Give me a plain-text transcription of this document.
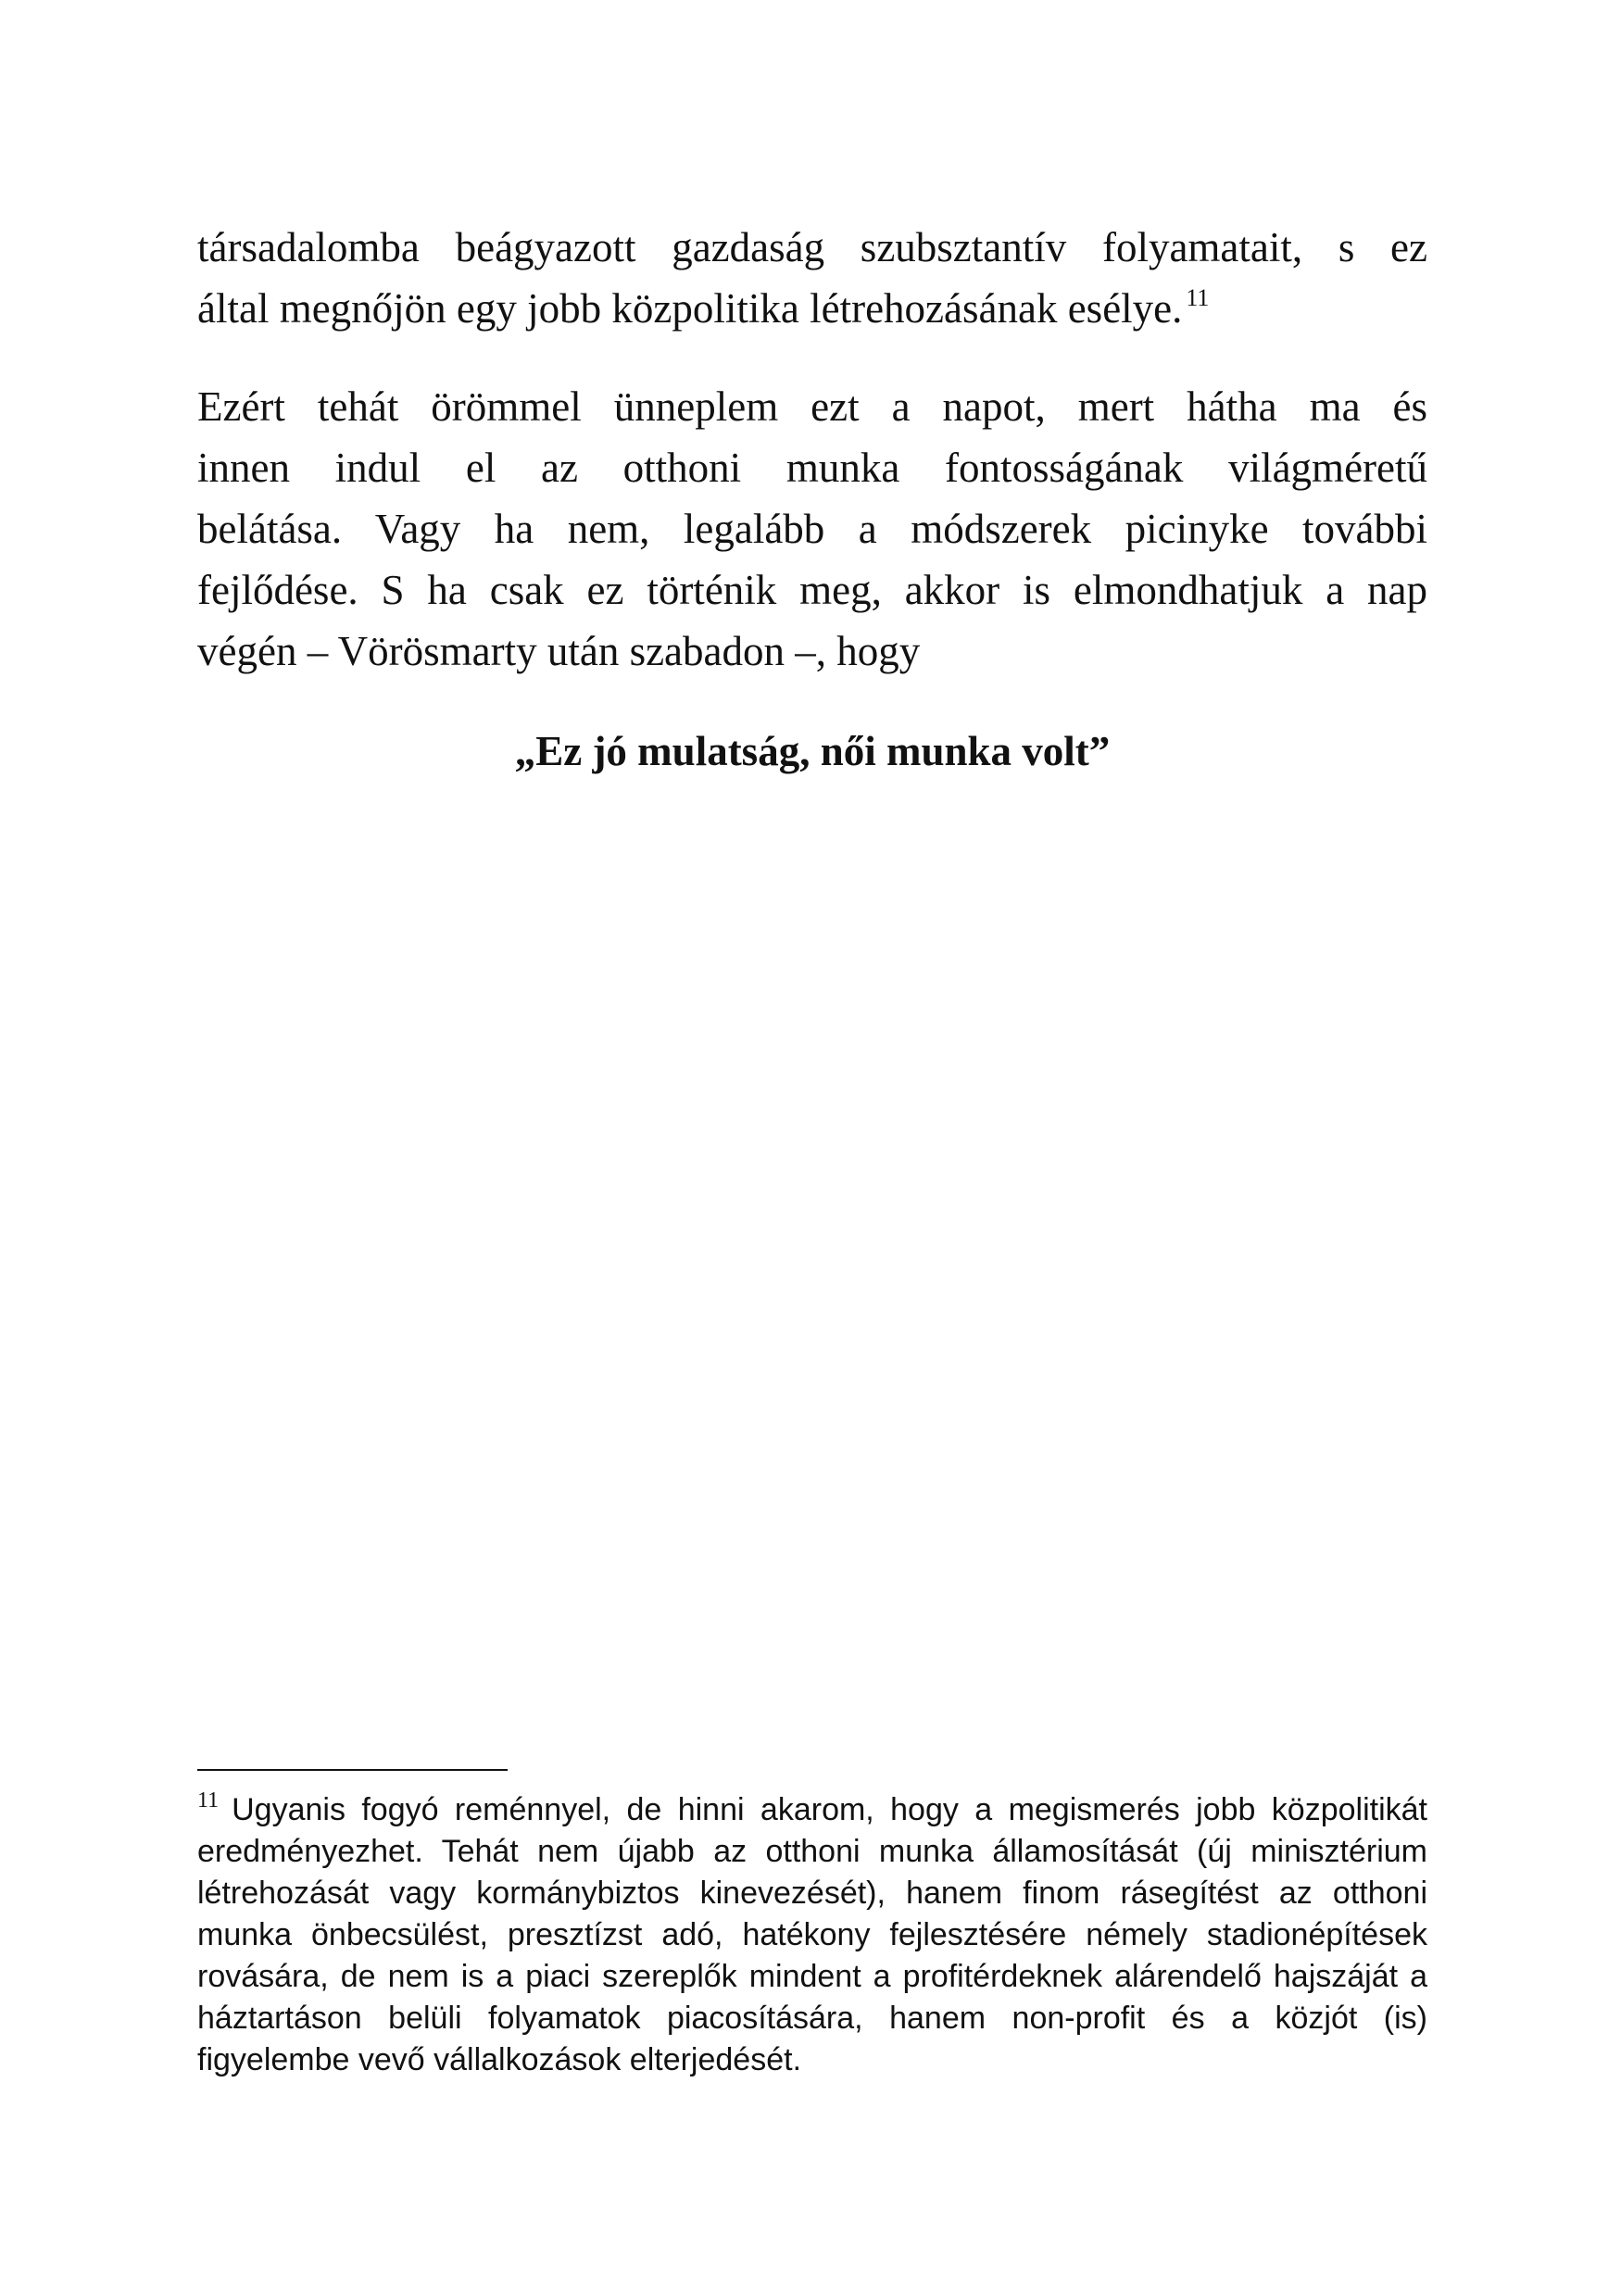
társadalomba beágyazott gazdaság szubsztantív folyamatait, s ez
által megnőjön egy jobb közpolitika létrehozásának esélye. $^{11}$
Ezért tehát örömmel ünneplem ezt a napot, mert hátha ma és
innen indul el az otthoni munka fontosságának világméretű
belátása. Vagy ha nem, legalább a módszerek picinyke további
fejlődése. S ha csak ez történik meg, akkor is elmondhatjuk a nap
végén – Vörösmarty után szabadon –, hogy

„Ez jó mulatság, női munka volt”

$^{11}$ Ugyanis fogyó reménnyel, de hinni akarom, hogy a megismerés jobb közpolitikát
eredményezhet. Tehát nem újabb az otthoni munka államosítását (új minisztérium
létrehozását vagy kormánybiztos kinevezését), hanem finom rásegítést az otthoni
munka önbecsülést, presztízst adó, hatékony fejlesztésére némely stadionépítések
rovására, de nem is a piaci szereplők mindent a profitérdeknek alárendelő hajszáját a
háztartáson belüli folyamatok piacosítására, hanem non-profit és a közjót (is)
figyelembe vevő vállalkozások elterjedését.
